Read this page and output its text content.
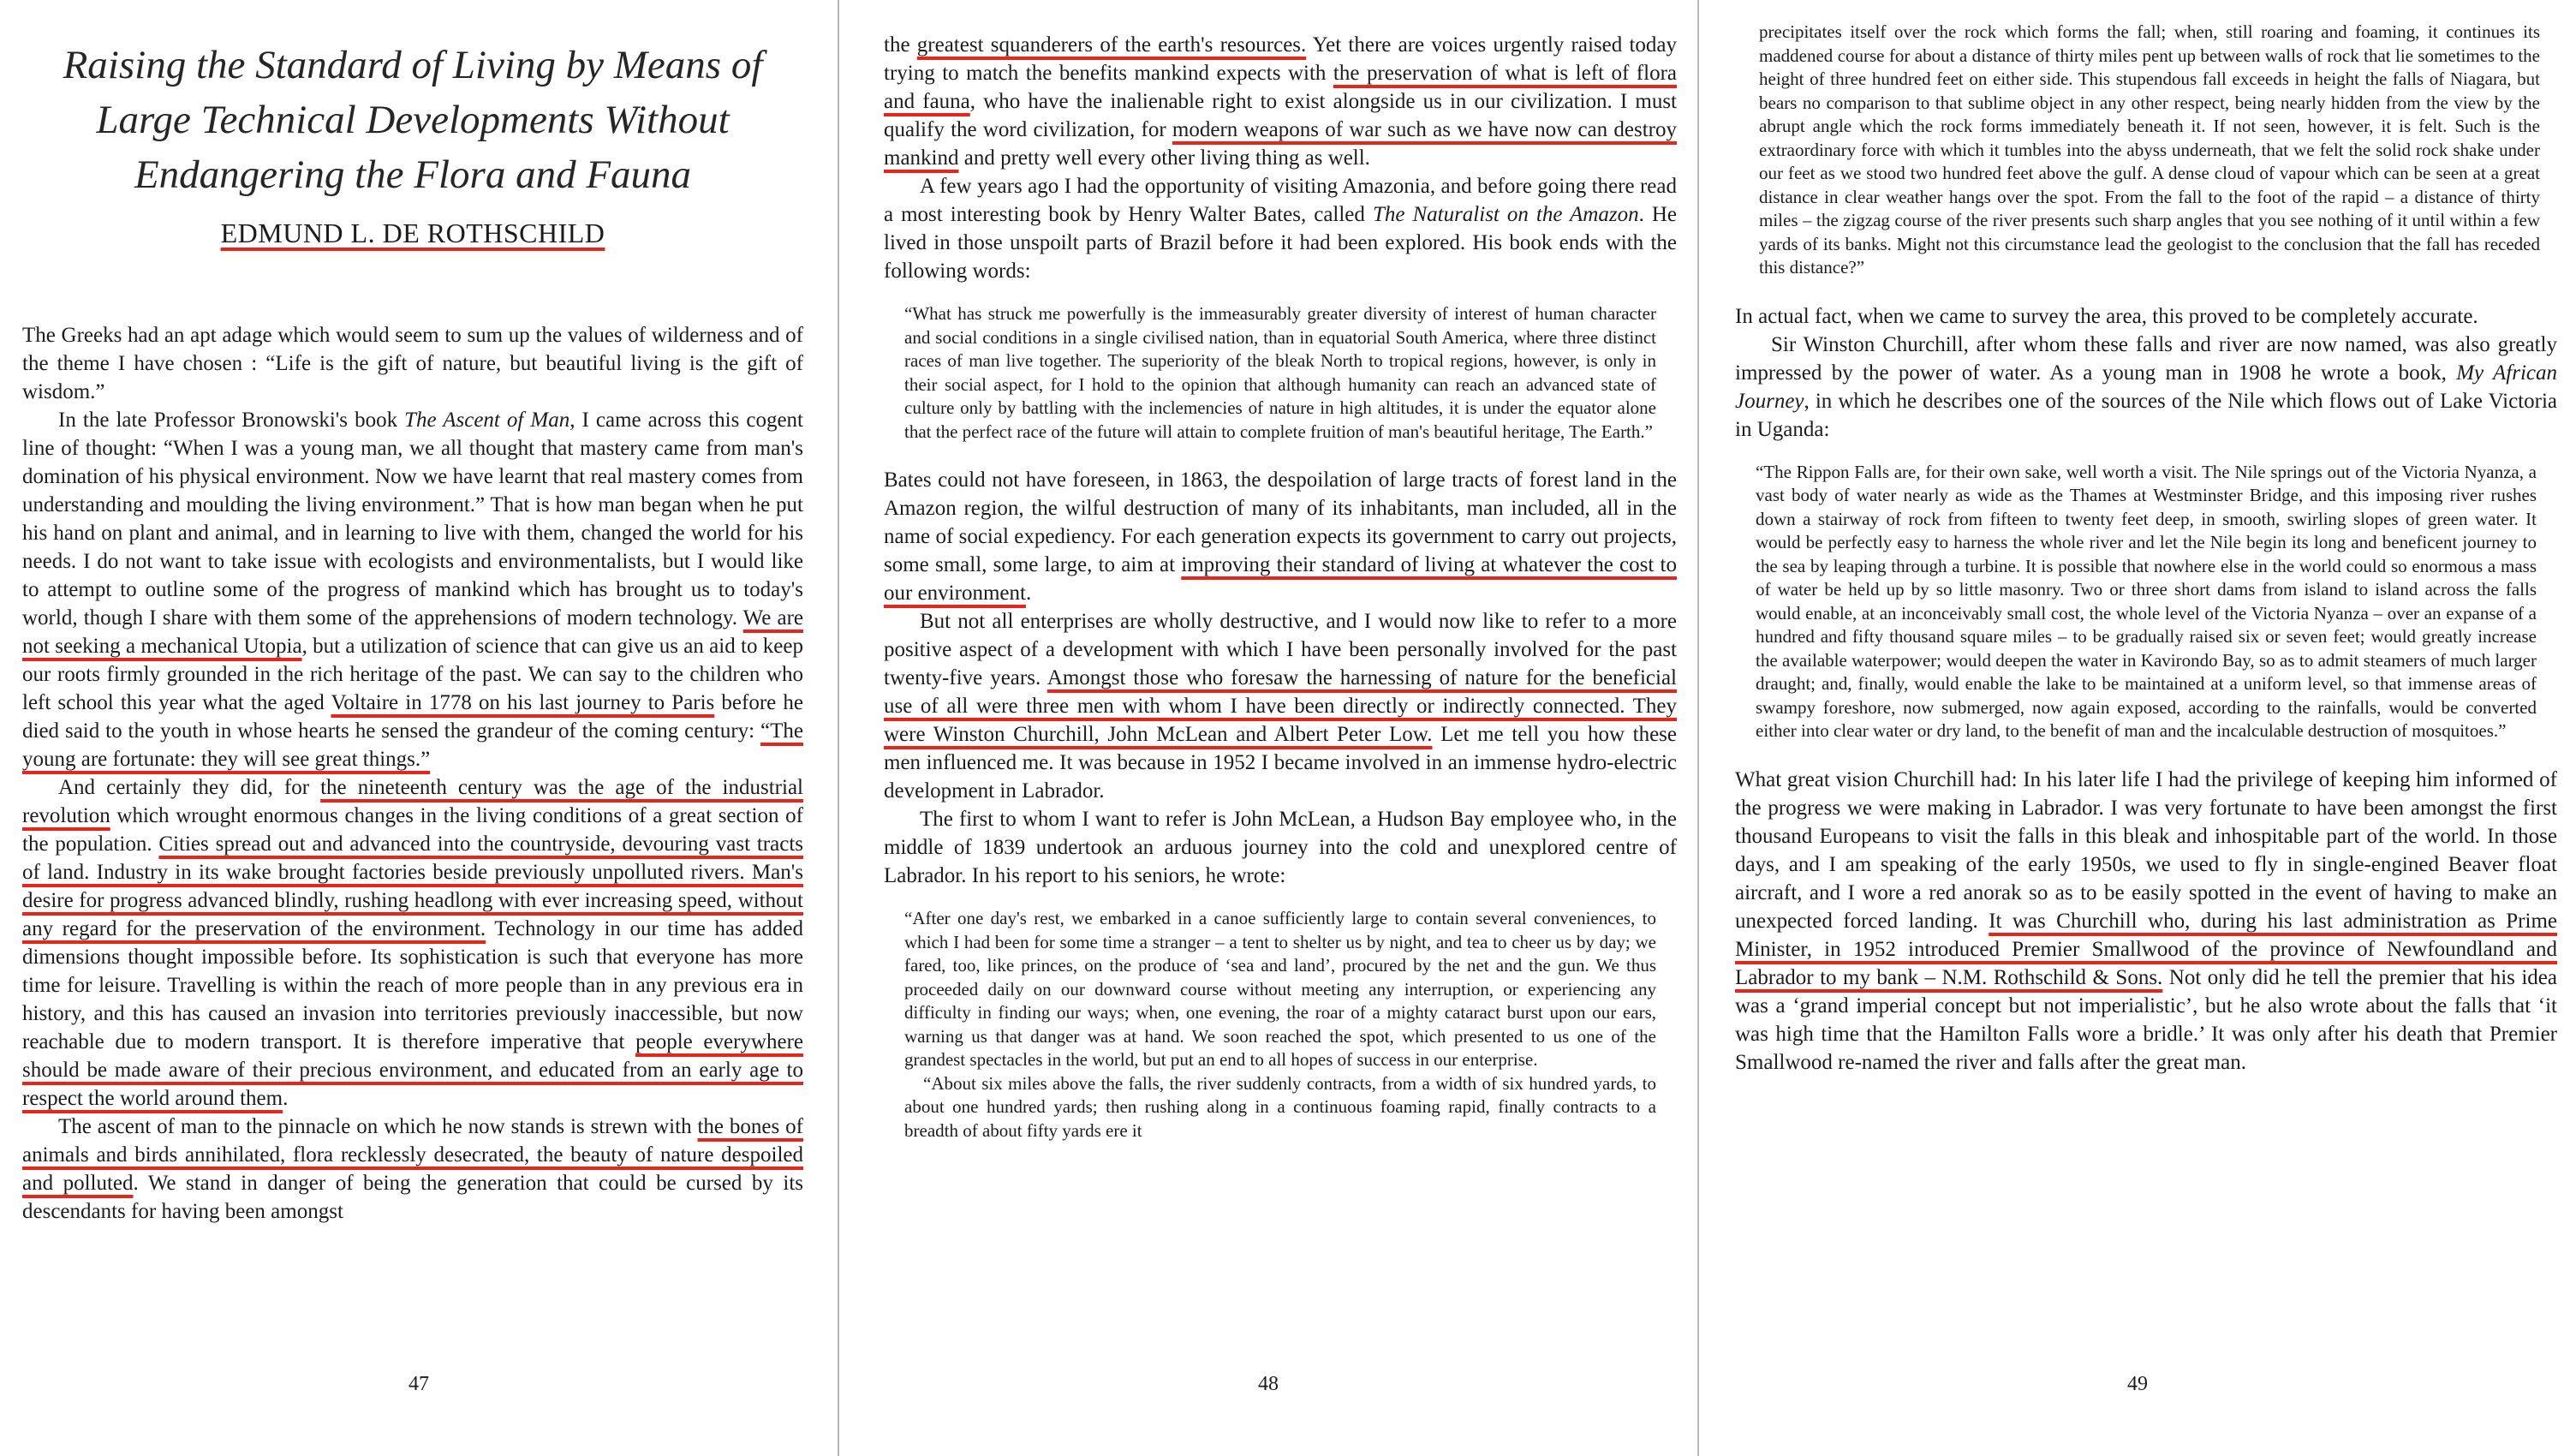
Raising the Standard of Living by Means of Large Technical Developments Without Endangering the Flora and Fauna
EDMUND L. DE ROTHSCHILD

The Greeks had an apt adage which would seem to sum up the values of wilderness and of the theme I have chosen : “Life is the gift of nature, but beautiful living is the gift of wisdom.”

In the late Professor Bronowski's book The Ascent of Man, I came across this cogent line of thought: “When I was a young man, we all thought that mastery came from man's domination of his physical environment. Now we have learnt that real mastery comes from understanding and moulding the living environment.” That is how man began when he put his hand on plant and animal, and in learning to live with them, changed the world for his needs. I do not want to take issue with ecologists and environmentalists, but I would like to attempt to outline some of the progress of mankind which has brought us to today's world, though I share with them some of the apprehensions of modern technology. We are not seeking a mechanical Utopia, but a utilization of science that can give us an aid to keep our roots firmly grounded in the rich heritage of the past. We can say to the children who left school this year what the aged Voltaire in 1778 on his last journey to Paris before he died said to the youth in whose hearts he sensed the grandeur of the coming century: “The young are fortunate: they will see great things.”

And certainly they did, for the nineteenth century was the age of the industrial revolution which wrought enormous changes in the living conditions of a great section of the population. Cities spread out and advanced into the countryside, devouring vast tracts of land. Industry in its wake brought factories beside previously unpolluted rivers. Man's desire for progress advanced blindly, rushing headlong with ever increasing speed, without any regard for the preservation of the environment. Technology in our time has added dimensions thought impossible before. Its sophistication is such that everyone has more time for leisure. Travelling is within the reach of more people than in any previous era in history, and this has caused an invasion into territories previously inaccessible, but now reachable due to modern transport. It is therefore imperative that people everywhere should be made aware of their precious environment, and educated from an early age to respect the world around them.

The ascent of man to the pinnacle on which he now stands is strewn with the bones of animals and birds annihilated, flora recklessly desecrated, the beauty of nature despoiled and polluted. We stand in danger of being the generation that could be cursed by its descendants for having been amongst

47

the greatest squanderers of the earth's resources. Yet there are voices urgently raised today trying to match the benefits mankind expects with the preservation of what is left of flora and fauna, who have the inalienable right to exist alongside us in our civilization. I must qualify the word civilization, for modern weapons of war such as we have now can destroy mankind and pretty well every other living thing as well.

A few years ago I had the opportunity of visiting Amazonia, and before going there read a most interesting book by Henry Walter Bates, called The Naturalist on the Amazon. He lived in those unspoilt parts of Brazil before it had been explored. His book ends with the following words:

“What has struck me powerfully is the immeasurably greater diversity of interest of human character and social conditions in a single civilised nation, than in equatorial South America, where three distinct races of man live together. The superiority of the bleak North to tropical regions, however, is only in their social aspect, for I hold to the opinion that although humanity can reach an advanced state of culture only by battling with the inclemencies of nature in high altitudes, it is under the equator alone that the perfect race of the future will attain to complete fruition of man's beautiful heritage, The Earth.”

Bates could not have foreseen, in 1863, the despoilation of large tracts of forest land in the Amazon region, the wilful destruction of many of its inhabitants, man included, all in the name of social expediency. For each generation expects its government to carry out projects, some small, some large, to aim at improving their standard of living at whatever the cost to our environment.

But not all enterprises are wholly destructive, and I would now like to refer to a more positive aspect of a development with which I have been personally involved for the past twenty-five years. Amongst those who foresaw the harnessing of nature for the beneficial use of all were three men with whom I have been directly or indirectly connected. They were Winston Churchill, John McLean and Albert Peter Low. Let me tell you how these men influenced me. It was because in 1952 I became involved in an immense hydro-electric development in Labrador.

The first to whom I want to refer is John McLean, a Hudson Bay employee who, in the middle of 1839 undertook an arduous journey into the cold and unexplored centre of Labrador. In his report to his seniors, he wrote:

“After one day's rest, we embarked in a canoe sufficiently large to contain several conveniences, to which I had been for some time a stranger – a tent to shelter us by night, and tea to cheer us by day; we fared, too, like princes, on the produce of ‘sea and land’, procured by the net and the gun. We thus proceeded daily on our downward course without meeting any interruption, or experiencing any difficulty in finding our ways; when, one evening, the roar of a mighty cataract burst upon our ears, warning us that danger was at hand. We soon reached the spot, which presented to us one of the grandest spectacles in the world, but put an end to all hopes of success in our enterprise.

“About six miles above the falls, the river suddenly contracts, from a width of six hundred yards, to about one hundred yards; then rushing along in a continuous foaming rapid, finally contracts to a breadth of about fifty yards ere it

48

precipitates itself over the rock which forms the fall; when, still roaring and foaming, it continues its maddened course for about a distance of thirty miles pent up between walls of rock that lie sometimes to the height of three hundred feet on either side. This stupendous fall exceeds in height the falls of Niagara, but bears no comparison to that sublime object in any other respect, being nearly hidden from the view by the abrupt angle which the rock forms immediately beneath it. If not seen, however, it is felt. Such is the extraordinary force with which it tumbles into the abyss underneath, that we felt the solid rock shake under our feet as we stood two hundred feet above the gulf. A dense cloud of vapour which can be seen at a great distance in clear weather hangs over the spot. From the fall to the foot of the rapid – a distance of thirty miles – the zigzag course of the river presents such sharp angles that you see nothing of it until within a few yards of its banks. Might not this circumstance lead the geologist to the conclusion that the fall has receded this distance?”

In actual fact, when we came to survey the area, this proved to be completely accurate.

Sir Winston Churchill, after whom these falls and river are now named, was also greatly impressed by the power of water. As a young man in 1908 he wrote a book, My African Journey, in which he describes one of the sources of the Nile which flows out of Lake Victoria in Uganda:

“The Rippon Falls are, for their own sake, well worth a visit. The Nile springs out of the Victoria Nyanza, a vast body of water nearly as wide as the Thames at Westminster Bridge, and this imposing river rushes down a stairway of rock from fifteen to twenty feet deep, in smooth, swirling slopes of green water. It would be perfectly easy to harness the whole river and let the Nile begin its long and beneficent journey to the sea by leaping through a turbine. It is possible that nowhere else in the world could so enormous a mass of water be held up by so little masonry. Two or three short dams from island to island across the falls would enable, at an inconceivably small cost, the whole level of the Victoria Nyanza – over an expanse of a hundred and fifty thousand square miles – to be gradually raised six or seven feet; would greatly increase the available waterpower; would deepen the water in Kavirondo Bay, so as to admit steamers of much larger draught; and, finally, would enable the lake to be maintained at a uniform level, so that immense areas of swampy foreshore, now submerged, now again exposed, according to the rainfalls, would be converted either into clear water or dry land, to the benefit of man and the incalculable destruction of mosquitoes.”

What great vision Churchill had: In his later life I had the privilege of keeping him informed of the progress we were making in Labrador. I was very fortunate to have been amongst the first thousand Europeans to visit the falls in this bleak and inhospitable part of the world. In those days, and I am speaking of the early 1950s, we used to fly in single-engined Beaver float aircraft, and I wore a red anorak so as to be easily spotted in the event of having to make an unexpected forced landing. It was Churchill who, during his last administration as Prime Minister, in 1952 introduced Premier Smallwood of the province of Newfoundland and Labrador to my bank – N.M. Rothschild & Sons. Not only did he tell the premier that his idea was a ‘grand imperial concept but not imperialistic’, but he also wrote about the falls that ‘it was high time that the Hamilton Falls wore a bridle.’ It was only after his death that Premier Smallwood re-named the river and falls after the great man.

49
